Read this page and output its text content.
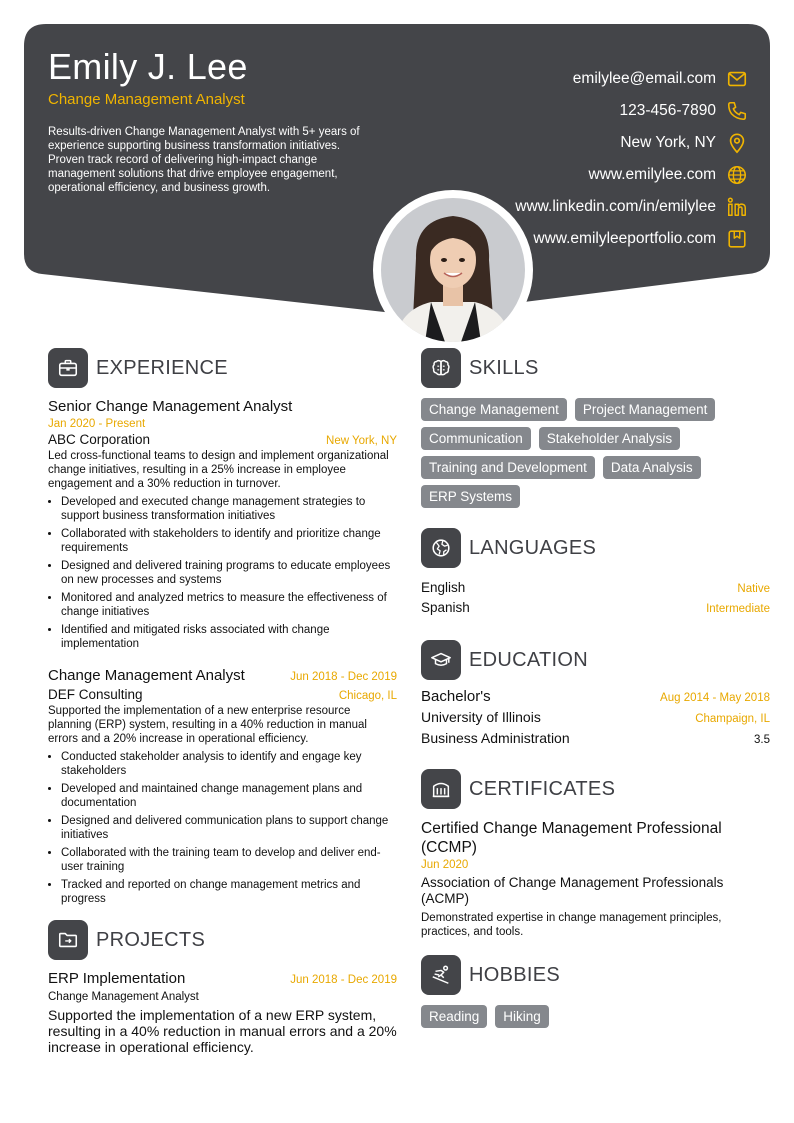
Emily J. Lee
Change Management Analyst
Results-driven Change Management Analyst with 5+ years of experience supporting business transformation initiatives. Proven track record of delivering high-impact change management solutions that drive employee engagement, operational efficiency, and business growth.
emilylee@email.com
123-456-7890
New York, NY
www.emilylee.com
www.linkedin.com/in/emilylee
www.emilyleeportfolio.com
EXPERIENCE
Senior Change Management Analyst
Jan 2020 - Present
ABC Corporation	New York, NY
Led cross-functional teams to design and implement organizational change initiatives, resulting in a 25% increase in employee engagement and a 30% reduction in turnover.
• Developed and executed change management strategies to support business transformation initiatives
• Collaborated with stakeholders to identify and prioritize change requirements
• Designed and delivered training programs to educate employees on new processes and systems
• Monitored and analyzed metrics to measure the effectiveness of change initiatives
• Identified and mitigated risks associated with change implementation
Change Management Analyst	Jun 2018 - Dec 2019
DEF Consulting	Chicago, IL
Supported the implementation of a new enterprise resource planning (ERP) system, resulting in a 40% reduction in manual errors and a 20% increase in operational efficiency.
• Conducted stakeholder analysis to identify and engage key stakeholders
• Developed and maintained change management plans and documentation
• Designed and delivered communication plans to support change initiatives
• Collaborated with the training team to develop and deliver end-user training
• Tracked and reported on change management metrics and progress
PROJECTS
ERP Implementation	Jun 2018 - Dec 2019
Change Management Analyst
Supported the implementation of a new ERP system, resulting in a 40% reduction in manual errors and a 20% increase in operational efficiency.
SKILLS
Change Management	Project Management
Communication	Stakeholder Analysis
Training and Development	Data Analysis
ERP Systems
LANGUAGES
English	Native
Spanish	Intermediate
EDUCATION
Bachelor's	Aug 2014 - May 2018
University of Illinois	Champaign, IL
Business Administration	3.5
CERTIFICATES
Certified Change Management Professional (CCMP)
Jun 2020
Association of Change Management Professionals (ACMP)
Demonstrated expertise in change management principles, practices, and tools.
HOBBIES
Reading	Hiking
